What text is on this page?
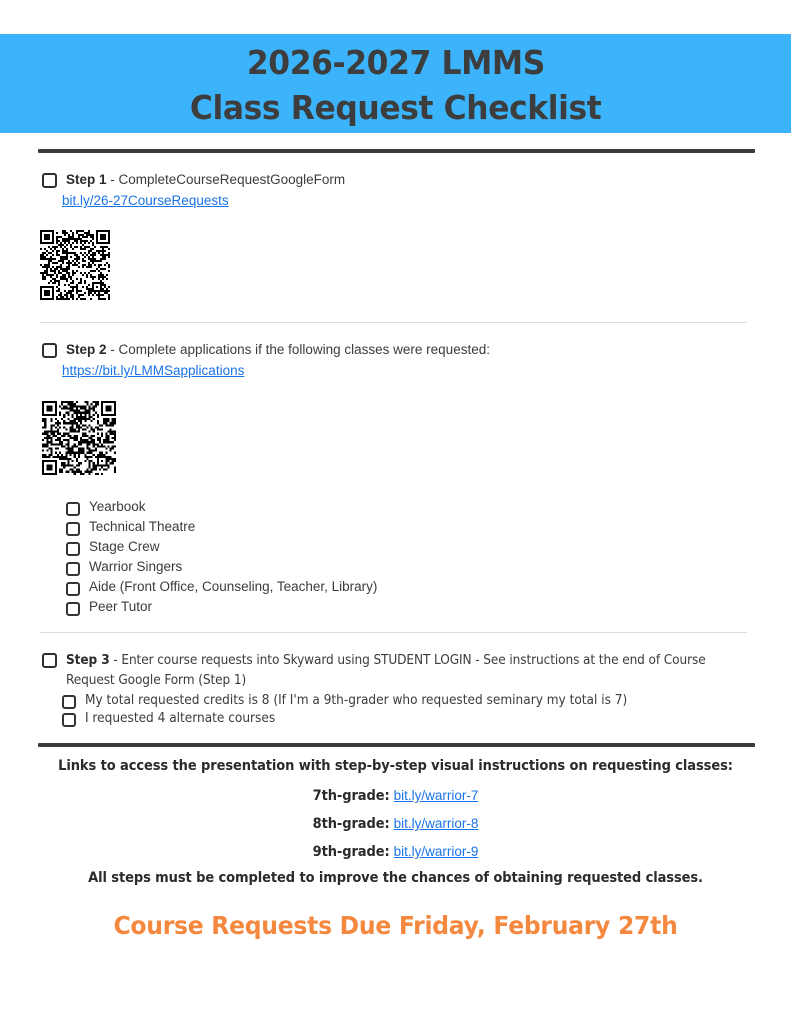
2026-2027 LMMS
Class Request Checklist
Step 1 - CompleteCourseRequestGoogleForm
bit.ly/26-27CourseRequests
Step 2 - Complete applications if the following classes were requested:
https://bit.ly/LMMSapplications
Yearbook
Technical Theatre
Stage Crew
Warrior Singers
Aide (Front Office, Counseling, Teacher, Library)
Peer Tutor
Step 3 - Enter course requests into Skyward using STUDENT LOGIN - See instructions at the end of Course Request Google Form (Step 1)
My total requested credits is 8 (If I'm a 9th-grader who requested seminary my total is 7)
I requested 4 alternate courses
Links to access the presentation with step-by-step visual instructions on requesting classes:
7th-grade: bit.ly/warrior-7
8th-grade: bit.ly/warrior-8
9th-grade: bit.ly/warrior-9
All steps must be completed to improve the chances of obtaining requested classes.
Course Requests Due Friday, February 27th
